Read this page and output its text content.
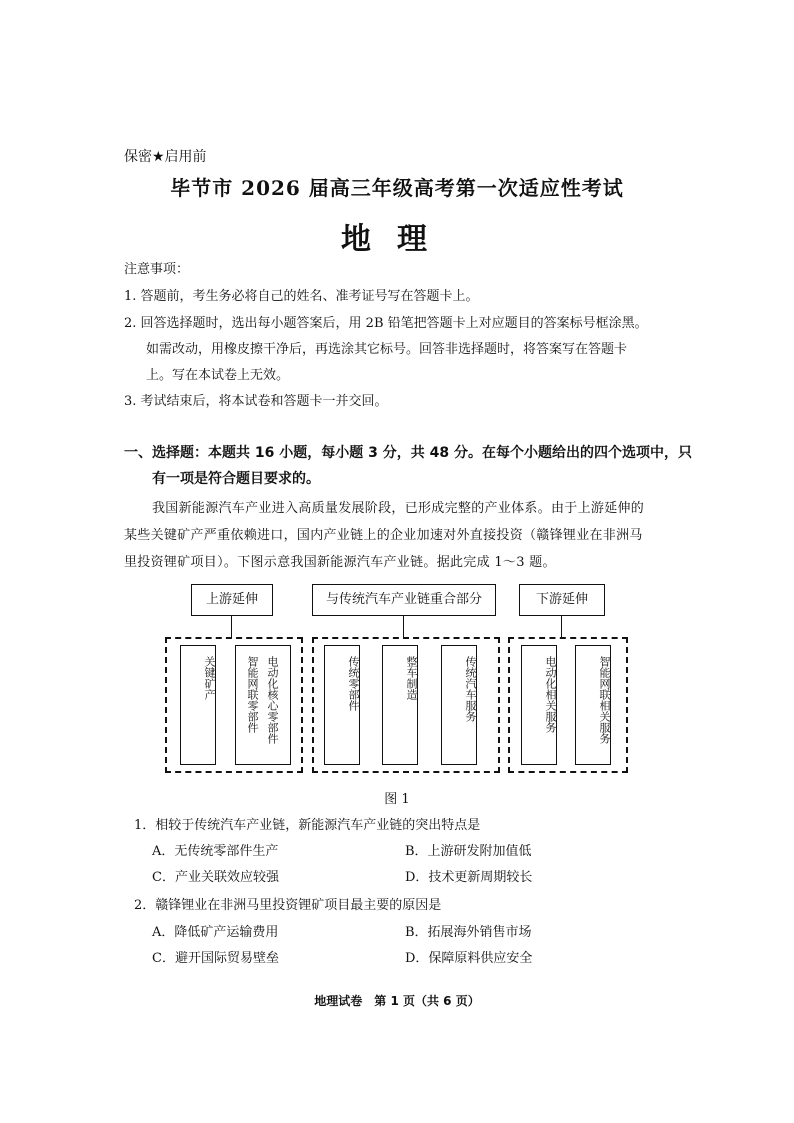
保密★启用前
毕节市 2026 届高三年级高考第一次适应性考试
地理
注意事项：
1. 答题前，考生务必将自己的姓名、准考证号写在答题卡上。
2. 回答选择题时，选出每小题答案后，用 2B 铅笔把答题卡上对应题目的答案标号框涂黑。
如需改动，用橡皮擦干净后，再选涂其它标号。回答非选择题时，将答案写在答题卡
上。写在本试卷上无效。
3. 考试结束后，将本试卷和答题卡一并交回。
一、选择题：本题共 16 小题，每小题 3 分，共 48 分。在每个小题给出的四个选项中，只
有一项是符合题目要求的。
我国新能源汽车产业进入高质量发展阶段，已形成完整的产业体系。由于上游延伸的
某些关键矿产严重依赖进口，国内产业链上的企业加速对外直接投资（赣锋锂业在非洲马
里投资锂矿项目）。下图示意我国新能源汽车产业链。据此完成 1～3 题。
上游延伸
关键矿产	智能网联零部件 电动化核心零部件
与传统汽车产业链重合部分
传统零部件	整车制造	传统汽车服务
下游延伸
电动化相关服务	智能网联相关服务
图 1
1．相较于传统汽车产业链，新能源汽车产业链的突出特点是
A．无传统零部件生产	B．上游研发附加值低
C．产业关联效应较强	D．技术更新周期较长
2．赣锋锂业在非洲马里投资锂矿项目最主要的原因是
A．降低矿产运输费用	B．拓展海外销售市场
C．避开国际贸易壁垒	D．保障原料供应安全
地理试卷　第 1 页（共 6 页）
